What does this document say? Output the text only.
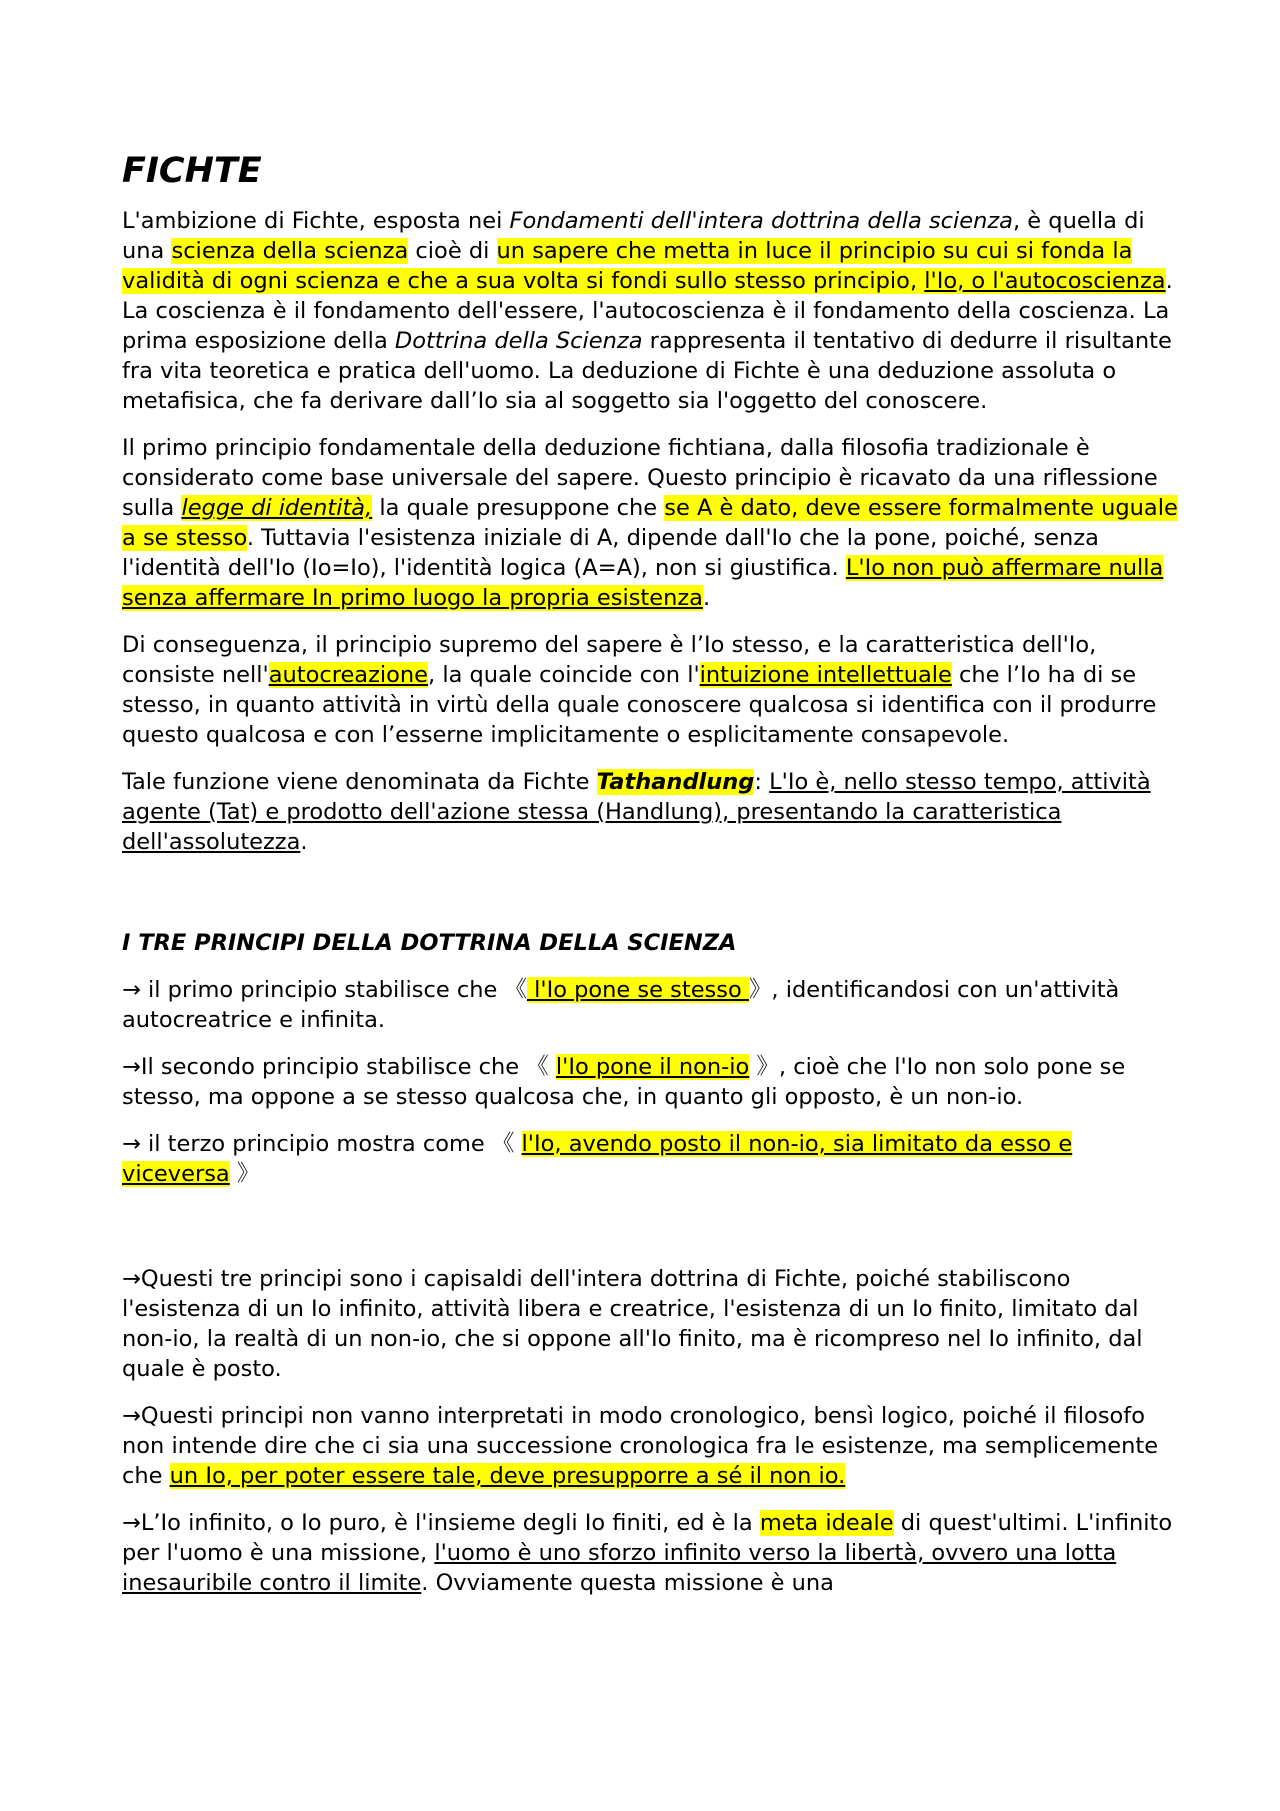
FICHTE

L'ambizione di Fichte, esposta nei Fondamenti dell'intera dottrina della scienza, è quella di una scienza della scienza cioè di un sapere che metta in luce il principio su cui si fonda la validità di ogni scienza e che a sua volta si fondi sullo stesso principio, l'Io, o l'autocoscienza. La coscienza è il fondamento dell'essere, l'autocoscienza è il fondamento della coscienza. La prima esposizione della Dottrina della Scienza rappresenta il tentativo di dedurre il risultante fra vita teoretica e pratica dell'uomo. La deduzione di Fichte è una deduzione assoluta o metafisica, che fa derivare dall’Io sia al soggetto sia l'oggetto del conoscere.

Il primo principio fondamentale della deduzione fichtiana, dalla filosofia tradizionale è considerato come base universale del sapere. Questo principio è ricavato da una riflessione sulla legge di identità, la quale presuppone che se A è dato, deve essere formalmente uguale a se stesso. Tuttavia l'esistenza iniziale di A, dipende dall'Io che la pone, poiché, senza l'identità dell'Io (Io=Io), l'identità logica (A=A), non si giustifica. L'Io non può affermare nulla senza affermare In primo luogo la propria esistenza.

Di conseguenza, il principio supremo del sapere è l’Io stesso, e la caratteristica dell'Io, consiste nell'autocreazione, la quale coincide con l'intuizione intellettuale che l’Io ha di se stesso, in quanto attività in virtù della quale conoscere qualcosa si identifica con il produrre questo qualcosa e con l’esserne implicitamente o esplicitamente consapevole.

Tale funzione viene denominata da Fichte Tathandlung: L'Io è, nello stesso tempo, attività agente (Tat) e prodotto dell'azione stessa (Handlung), presentando la caratteristica dell'assolutezza.

I TRE PRINCIPI DELLA DOTTRINA DELLA SCIENZA

→ il primo principio stabilisce che 《 l'Io pone se stesso 》, identificandosi con un'attività autocreatrice e infinita.

→Il secondo principio stabilisce che 《 l'Io pone il non-io 》, cioè che l'Io non solo pone se stesso, ma oppone a se stesso qualcosa che, in quanto gli opposto, è un non-io.

→ il terzo principio mostra come 《 l'Io, avendo posto il non-io, sia limitato da esso e viceversa 》

→Questi tre principi sono i capisaldi dell'intera dottrina di Fichte, poiché stabiliscono l'esistenza di un Io infinito, attività libera e creatrice, l'esistenza di un Io finito, limitato dal non-io, la realtà di un non-io, che si oppone all'Io finito, ma è ricompreso nel Io infinito, dal quale è posto.

→Questi principi non vanno interpretati in modo cronologico, bensì logico, poiché il filosofo non intende dire che ci sia una successione cronologica fra le esistenze, ma semplicemente che un Io, per poter essere tale, deve presupporre a sé il non io.

→L’Io infinito, o Io puro, è l'insieme degli Io finiti, ed è la meta ideale di quest'ultimi. L'infinito per l'uomo è una missione, l'uomo è uno sforzo infinito verso la libertà, ovvero una lotta inesauribile contro il limite. Ovviamente questa missione è una
